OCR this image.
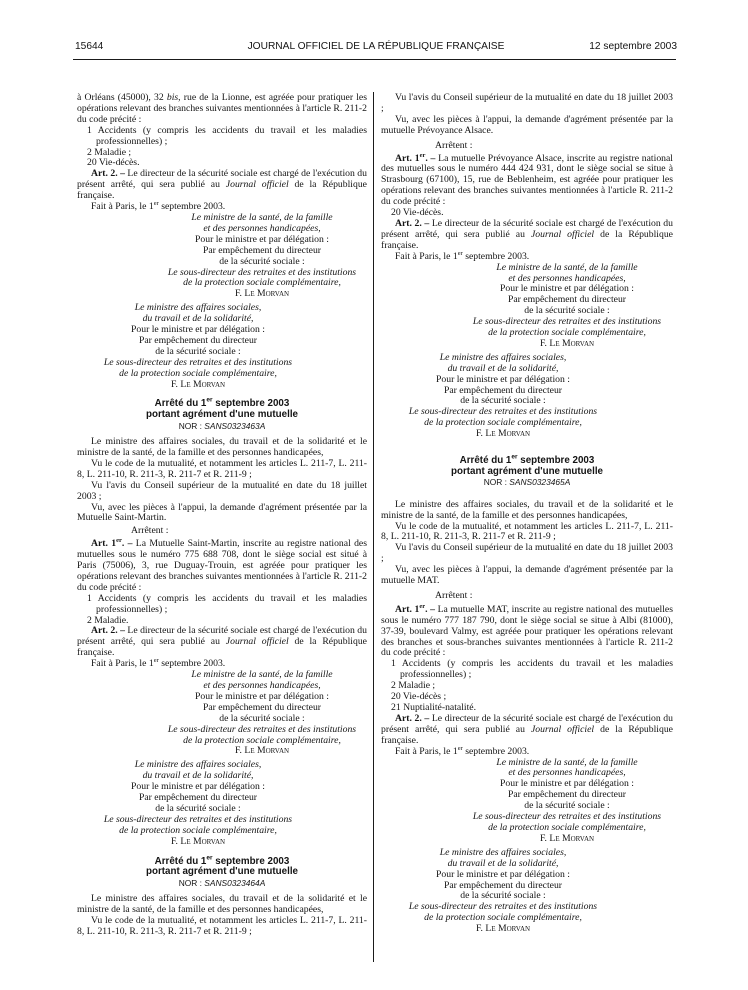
15644	JOURNAL OFFICIEL DE LA RÉPUBLIQUE FRANÇAISE	12 septembre 2003

à Orléans (45000), 32 bis, rue de la Lionne, est agréée pour pratiquer les opérations relevant des branches suivantes mentionnées à l'article R. 211-2 du code précité :

1 Accidents (y compris les accidents du travail et les maladies professionnelles) ;

2 Maladie ;

20 Vie-décès.

Art. 2. – Le directeur de la sécurité sociale est chargé de l'exécution du présent arrêté, qui sera publié au Journal officiel de la République française.

Fait à Paris, le 1er septembre 2003.

Le ministre de la santé, de la famille

et des personnes handicapées,

Pour le ministre et par délégation :

Par empêchement du directeur

de la sécurité sociale :

Le sous-directeur des retraites et des institutions

de la protection sociale complémentaire,

F. Le Morvan

Le ministre des affaires sociales,

du travail et de la solidarité,

Pour le ministre et par délégation :

Par empêchement du directeur

de la sécurité sociale :

Le sous-directeur des retraites et des institutions

de la protection sociale complémentaire,

F. Le Morvan

Arrêté du 1er septembre 2003
portant agrément d'une mutuelle

NOR : SANS0323463A

Le ministre des affaires sociales, du travail et de la solidarité et le ministre de la santé, de la famille et des personnes handicapées,

Vu le code de la mutualité, et notamment les articles L. 211-7, L. 211-8, L. 211-10, R. 211-3, R. 211-7 et R. 211-9 ;

Vu l'avis du Conseil supérieur de la mutualité en date du 18 juillet 2003 ;

Vu, avec les pièces à l'appui, la demande d'agrément présentée par la Mutuelle Saint-Martin.

Arrêtent :

Art. 1er. – La Mutuelle Saint-Martin, inscrite au registre national des mutuelles sous le numéro 775 688 708, dont le siège social est situé à Paris (75006), 3, rue Duguay-Trouin, est agréée pour pratiquer les opérations relevant des branches suivantes mentionnées à l'article R. 211-2 du code précité :

1 Accidents (y compris les accidents du travail et les maladies professionnelles) ;

2 Maladie.

Art. 2. – Le directeur de la sécurité sociale est chargé de l'exécution du présent arrêté, qui sera publié au Journal officiel de la République française.

Fait à Paris, le 1er septembre 2003.

Le ministre de la santé, de la famille

et des personnes handicapées,

Pour le ministre et par délégation :

Par empêchement du directeur

de la sécurité sociale :

Le sous-directeur des retraites et des institutions

de la protection sociale complémentaire,

F. Le Morvan

Le ministre des affaires sociales,

du travail et de la solidarité,

Pour le ministre et par délégation :

Par empêchement du directeur

de la sécurité sociale :

Le sous-directeur des retraites et des institutions

de la protection sociale complémentaire,

F. Le Morvan

Arrêté du 1er septembre 2003
portant agrément d'une mutuelle

NOR : SANS0323464A

Le ministre des affaires sociales, du travail et de la solidarité et le ministre de la santé, de la famille et des personnes handicapées,

Vu le code de la mutualité, et notamment les articles L. 211-7, L. 211-8, L. 211-10, R. 211-3, R. 211-7 et R. 211-9 ;

Vu l'avis du Conseil supérieur de la mutualité en date du 18 juillet 2003 ;

Vu, avec les pièces à l'appui, la demande d'agrément présentée par la mutuelle Prévoyance Alsace.

Arrêtent :

Art. 1er. – La mutuelle Prévoyance Alsace, inscrite au registre national des mutuelles sous le numéro 444 424 931, dont le siège social se situe à Strasbourg (67100), 15, rue de Beblenheim, est agréée pour pratiquer les opérations relevant des branches suivantes mentionnées à l'article R. 211-2 du code précité :

20 Vie-décès.

Art. 2. – Le directeur de la sécurité sociale est chargé de l'exécution du présent arrêté, qui sera publié au Journal officiel de la République française.

Fait à Paris, le 1er septembre 2003.

Le ministre de la santé, de la famille

et des personnes handicapées,

Pour le ministre et par délégation :

Par empêchement du directeur

de la sécurité sociale :

Le sous-directeur des retraites et des institutions

de la protection sociale complémentaire,

F. Le Morvan

Le ministre des affaires sociales,

du travail et de la solidarité,

Pour le ministre et par délégation :

Par empêchement du directeur

de la sécurité sociale :

Le sous-directeur des retraites et des institutions

de la protection sociale complémentaire,

F. Le Morvan

Arrêté du 1er septembre 2003
portant agrément d'une mutuelle

NOR : SANS0323465A

Le ministre des affaires sociales, du travail et de la solidarité et le ministre de la santé, de la famille et des personnes handicapées,

Vu le code de la mutualité, et notamment les articles L. 211-7, L. 211-8, L. 211-10, R. 211-3, R. 211-7 et R. 211-9 ;

Vu l'avis du Conseil supérieur de la mutualité en date du 18 juillet 2003 ;

Vu, avec les pièces à l'appui, la demande d'agrément présentée par la mutuelle MAT.

Arrêtent :

Art. 1er. – La mutuelle MAT, inscrite au registre national des mutuelles sous le numéro 777 187 790, dont le siège social se situe à Albi (81000), 37-39, boulevard Valmy, est agréée pour pratiquer les opérations relevant des branches et sous-branches suivantes mentionnées à l'article R. 211-2 du code précité :

1 Accidents (y compris les accidents du travail et les maladies professionnelles) ;

2 Maladie ;

20 Vie-décès ;

21 Nuptialité-natalité.

Art. 2. – Le directeur de la sécurité sociale est chargé de l'exécution du présent arrêté, qui sera publié au Journal officiel de la République française.

Fait à Paris, le 1er septembre 2003.

Le ministre de la santé, de la famille

et des personnes handicapées,

Pour le ministre et par délégation :

Par empêchement du directeur

de la sécurité sociale :

Le sous-directeur des retraites et des institutions

de la protection sociale complémentaire,

F. Le Morvan

Le ministre des affaires sociales,

du travail et de la solidarité,

Pour le ministre et par délégation :

Par empêchement du directeur

de la sécurité sociale :

Le sous-directeur des retraites et des institutions

de la protection sociale complémentaire,

F. Le Morvan
